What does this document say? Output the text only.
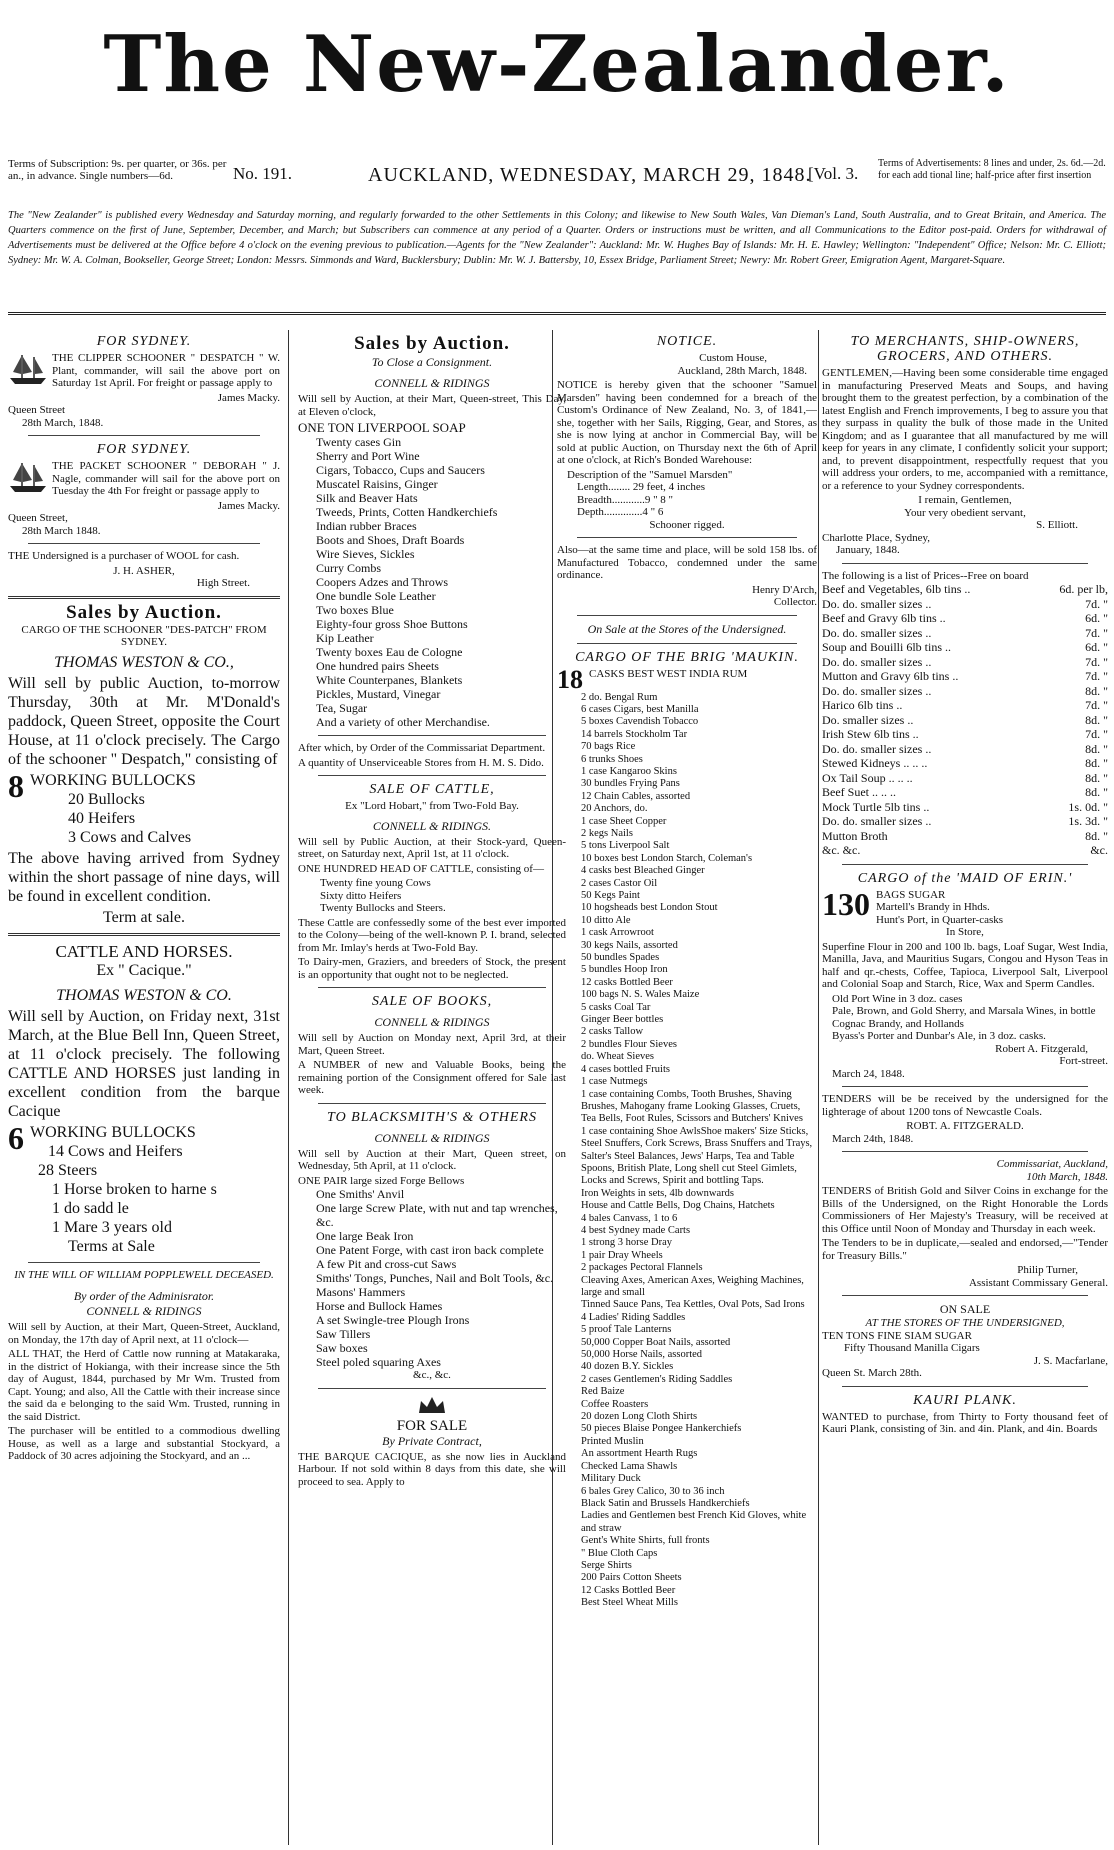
The New-Zealander.
Terms of Subscription: 9s. per quarter, or 36s. per an., in advance. Single numbers—6d.	No. 191.	AUCKLAND, WEDNESDAY, MARCH 29, 1848.
[Vol. 3.
Terms of Advertisements: 8 lines and under, 2s. 6d.—2d. for each add tional line; half-price after first insertion
The "New Zealander" is published every Wednesday and Saturday morning, and regularly forwarded to the other Settlements in this Colony; and likewise to New South Wales, Van Dieman's Land, South Australia, and to Great Britain, and America. The Quarters commence on the first of June, September, December, and March; but Subscribers can commence at any period of a Quarter. Orders or instructions must be written, and all Communications to the Editor post-paid. Orders for withdrawal of Advertisements must be delivered at the Office before 4 o'clock on the evening previous to publication.—Agents for the "New Zealander": Auckland: Mr. W. Hughes Bay of Islands: Mr. H. E. Hawley; Wellington: "Independent" Office; Nelson: Mr. C. Elliott; Sydney: Mr. W. A. Colman, Bookseller, George Street; London: Messrs. Simmonds and Ward, Bucklersbury; Dublin: Mr. W. J. Battersby, 10, Essex Bridge, Parliament Street; Newry: Mr. Robert Greer, Emigration Agent, Margaret-Square.
FOR SYDNEY.

THE CLIPPER SCHOONER " DESPATCH " W. Plant, commander, will sail the above port on Saturday 1st April. For freight or passage apply to

James Macky.
Queen Street
28th March, 1848.
FOR SYDNEY.

THE PACKET SCHOONER " DEBORAH " J. Nagle, commander will sail for the above port on Tuesday the 4th For freight or passage apply to

James Macky.
Queen Street,
28th March 1848.

THE Undersigned is a purchaser of WOOL for cash.

J. H. ASHER,
High Street.
Sales by Auction.
CARGO OF THE SCHOONER "DES-PATCH" FROM SYDNEY.
THOMAS WESTON & CO.,

Will sell by public Auction, to-morrow Thursday, 30th at Mr. M'Donald's paddock, Queen Street, opposite the Court House, at 11 o'clock precisely. The Cargo of the schooner " Despatch," consisting of

8 WORKING BULLOCKS
20 Bullocks
40 Heifers
3 Cows and Calves

The above having arrived from Sydney within the short passage of nine days, will be found in excellent condition.

Term at sale.
CATTLE AND HORSES.
Ex " Cacique."
THOMAS WESTON & CO.

Will sell by Auction, on Friday next, 31st March, at the Blue Bell Inn, Queen Street, at 11 o'clock precisely. The following CATTLE AND HORSES just landing in excellent condition from the barque Cacique

6 WORKING BULLOCKS
14 Cows and Heifers
28 Steers
1 Horse broken to harne s
1 do sadd le
1 Mare 3 years old
Terms at Sale
IN THE WILL OF WILLIAM POPPLEWELL DECEASED.
By order of the Adminisrator.
CONNELL & RIDINGS

Will sell by Auction, at their Mart, Queen-Street, Auckland, on Monday, the 17th day of April next, at 11 o'clock—

ALL THAT, the Herd of Cattle now running at Matakaraka, in the district of Hokianga, with their increase since the 5th day of August, 1844, purchased by Mr Wm. Trusted from Capt. Young; and also, All the Cattle with their increase since the said da e belonging to the said Wm. Trusted, running in the said District.

The purchaser will be entitled to a commodious dwelling House, as well as a large and substantial Stockyard, a Paddock of 30 acres adjoining the Stockyard, and an ...

Sales by Auction.
To Close a Consignment.
CONNELL & RIDINGS

Will sell by Auction, at their Mart, Queen-street, This Day, at Eleven o'clock,

ONE TON LIVERPOOL SOAP
Twenty cases Gin
Sherry and Port Wine
Cigars, Tobacco, Cups and Saucers
Muscatel Raisins, Ginger
Silk and Beaver Hats
Tweeds, Prints, Cotten Handkerchiefs
Indian rubber Braces
Boots and Shoes, Draft Boards
Wire Sieves, Sickles
Curry Combs
Coopers Adzes and Throws
One bundle Sole Leather
Two boxes Blue
Eighty-four gross Shoe Buttons
Kip Leather
Twenty boxes Eau de Cologne
One hundred pairs Sheets
White Counterpanes, Blankets
Pickles, Mustard, Vinegar
Tea, Sugar
And a variety of other Merchandise.

After which, by Order of the Commissariat Department.

A quantity of Unserviceable Stores from H. M. S. Dido.

SALE OF CATTLE,
Ex "Lord Hobart," from Two-Fold Bay.
CONNELL & RIDINGS.

Will sell by Public Auction, at their Stock-yard, Queen-street, on Saturday next, April 1st, at 11 o'clock.

ONE HUNDRED HEAD OF CATTLE, consisting of—

Twenty fine young Cows
Sixty ditto Heifers
Twenty Bullocks and Steers.

These Cattle are confessedly some of the best ever imported to the Colony—being of the well-known P. I. brand, selected from Mr. Imlay's herds at Two-Fold Bay.

To Dairy-men, Graziers, and breeders of Stock, the present is an opportunity that ought not to be neglected.

SALE OF BOOKS,
CONNELL & RIDINGS

Will sell by Auction on Monday next, April 3rd, at their Mart, Queen Street.

A NUMBER of new and Valuable Books, being the remaining portion of the Consignment offered for Sale last week.

TO BLACKSMITH'S & OTHERS
CONNELL & RIDINGS

Will sell by Auction at their Mart, Queen street, on Wednesday, 5th April, at 11 o'clock.

ONE PAIR large sized Forge Bellows
One Smiths' Anvil
One large Screw Plate, with nut and tap wrenches, &c.
One large Beak Iron
One Patent Forge, with cast iron back complete
A few Pit and cross-cut Saws
Smiths' Tongs, Punches, Nail and Bolt Tools, &c.
Masons' Hammers
Horse and Bullock Hames
A set Swingle-tree Plough Irons
Saw Tillers
Saw boxes
Steel poled squaring Axes
&c., &c.
FOR SALE
By Private Contract,

THE BARQUE CACIQUE, as she now lies in Auckland Harbour. If not sold within 8 days from this date, she will proceed to sea. Apply to

NOTICE.
Custom House,
Auckland, 28th March, 1848.

NOTICE is hereby given that the schooner "Samuel Marsden" having been condemned for a breach of the Custom's Ordinance of New Zealand, No. 3, of 1841,—she, together with her Sails, Rigging, Gear, and Stores, as she is now lying at anchor in Commercial Bay, will be sold at public Auction, on Thursday next the 6th of April at one o'clock, at Rich's Bonded Warehouse:

Description of the "Samuel Marsden"
Length........ 29 feet, 4 inches
Breadth............9 " 8 "
Depth..............4 " 6
Schooner rigged.

Also—at the same time and place, will be sold 158 lbs. of Manufactured Tobacco, condemned under the same ordinance.

Henry D'Arch,
Collector.
On Sale at the Stores of the Undersigned.
CARGO OF THE BRIG 'MAUKIN.
18 CASKS BEST WEST INDIA RUM
2 do. Bengal Rum
6 cases Cigars, best Manilla
5 boxes Cavendish Tobacco
14 barrels Stockholm Tar
70 bags Rice
6 trunks Shoes
1 case Kangaroo Skins
30 bundles Frying Pans
12 Chain Cables, assorted
20 Anchors, do.
1 case Sheet Copper
2 kegs Nails
5 tons Liverpool Salt
10 boxes best London Starch, Coleman's
4 casks best Bleached Ginger
2 cases Castor Oil
50 Kegs Paint
10 hogsheads best London Stout
10 ditto Ale
1 cask Arrowroot
30 kegs Nails, assorted
50 bundles Spades
5 bundles Hoop Iron
12 casks Bottled Beer
100 bags N. S. Wales Maize
5 casks Coal Tar
Ginger Beer bottles
2 casks Tallow
2 bundles Flour Sieves
do. Wheat Sieves
4 cases bottled Fruits
1 case Nutmegs
1 case containing Combs, Tooth Brushes, Shaving Brushes, Mahogany frame Looking Glasses, Cruets, Tea Bells, Foot Rules, Scissors and Butchers' Knives
1 case containing Shoe AwlsShoe makers' Size Sticks, Steel Snuffers, Cork Screws, Brass Snuffers and Trays, Salter's Steel Balances, Jews' Harps, Tea and Table Spoons, British Plate, Long shell cut Steel Gimlets, Locks and Screws, Spirit and bottling Taps.
Iron Weights in sets, 4lb downwards
House and Cattle Bells, Dog Chains, Hatchets
4 bales Canvass, 1 to 6
4 best Sydney made Carts
1 strong 3 horse Dray
1 pair Dray Wheels
2 packages Pectoral Flannels
Cleaving Axes, American Axes, Weighing Machines, large and small
Tinned Sauce Pans, Tea Kettles, Oval Pots, Sad Irons
4 Ladies' Riding Saddles
5 proof Tale Lanterns
50,000 Copper Boat Nails, assorted
50,000 Horse Nails, assorted
40 dozen B.Y. Sickles
2 cases Gentlemen's Riding Saddles
Red Baize
Coffee Roasters
20 dozen Long Cloth Shirts
50 pieces Blaise Pongee Hankerchiefs
Printed Muslin
An assortment Hearth Rugs
Checked Lama Shawls
Military Duck
6 bales Grey Calico, 30 to 36 inch
Black Satin and Brussels Handkerchiefs
Ladies and Gentlemen best French Kid Gloves, white and straw
Gent's White Shirts, full fronts
" Blue Cloth Caps
Serge Shirts
200 Pairs Cotton Sheets
12 Casks Bottled Beer
Best Steel Wheat Mills
TO MERCHANTS, SHIP-OWNERS, GROCERS, AND OTHERS.

GENTLEMEN,—Having been some considerable time engaged in manufacturing Preserved Meats and Soups, and having brought them to the greatest perfection, by a combination of the latest English and French improvements, I beg to assure you that they surpass in quality the bulk of those made in the United Kingdom; and as I guarantee that all manufactured by me will keep for years in any climate, I confidently solicit your support; and, to prevent disappointment, respectfully request that you will address your orders, to me, accompanied with a remittance, or a reference to your Sydney correspondents.

I remain, Gentlemen,
Your very obedient servant,
S. Elliott.
Charlotte Place, Sydney,
January, 1848.
The following is a list of Prices--Free on board
Beef and Vegetables, 6lb tins ..	6d. per lb,
Do. do. smaller sizes ..	7d. "
Beef and Gravy 6lb tins ..	6d. "
Do. do. smaller sizes ..	7d. "
Soup and Bouilli 6lb tins ..	6d. "
Do. do. smaller sizes ..	7d. "
Mutton and Gravy 6lb tins ..	7d. "
Do. do. smaller sizes ..	8d. "
Harico 6lb tins ..	7d. "
Do. smaller sizes ..	8d. "
Irish Stew 6lb tins ..	7d. "
Do. do. smaller sizes ..	8d. "
Stewed Kidneys .. .. ..	8d. "
Ox Tail Soup .. .. ..	8d. "
Beef Suet .. .. ..	8d. "
Mock Turtle 5lb tins ..	1s. 0d. "
Do. do. smaller sizes ..	1s. 3d. "
Mutton Broth	8d. "
&c. &c.	&c.
CARGO of the 'MAID OF ERIN.'
130 BAGS SUGAR
Martell's Brandy in Hhds.
Hunt's Port, in Quarter-casks
In Store,

Superfine Flour in 200 and 100 lb. bags, Loaf Sugar, West India, Manilla, Java, and Mauritius Sugars, Congou and Hyson Teas in half and qr.-chests, Coffee, Tapioca, Liverpool Salt, Liverpool and Colonial Soap and Starch, Rice, Wax and Sperm Candles.

Old Port Wine in 3 doz. cases
Pale, Brown, and Gold Sherry, and Marsala Wines, in bottle
Cognac Brandy, and Hollands
Byass's Porter and Dunbar's Ale, in 3 doz. casks.
Robert A. Fitzgerald,
Fort-street.
March 24, 1848.

TENDERS will be be received by the undersigned for the lighterage of about 1200 tons of Newcastle Coals.

ROBT. A. FITZGERALD.
March 24th, 1848.
Commissariat, Auckland,
10th March, 1848.

TENDERS of British Gold and Silver Coins in exchange for the Bills of the Undersigned, on the Right Honorable the Lords Commissioners of Her Majesty's Treasury, will be received at this Office until Noon of Monday and Thursday in each week.

The Tenders to be in duplicate,—sealed and endorsed,—"Tender for Treasury Bills."

Philip Turner,
Assistant Commissary General.
ON SALE
AT THE STORES OF THE UNDERSIGNED,
TEN TONS FINE SIAM SUGAR
Fifty Thousand Manilla Cigars
J. S. Macfarlane,
Queen St. March 28th.
KAURI PLANK.

WANTED to purchase, from Thirty to Forty thousand feet of Kauri Plank, consisting of 3in. and 4in. Plank, and 4in. Boards
